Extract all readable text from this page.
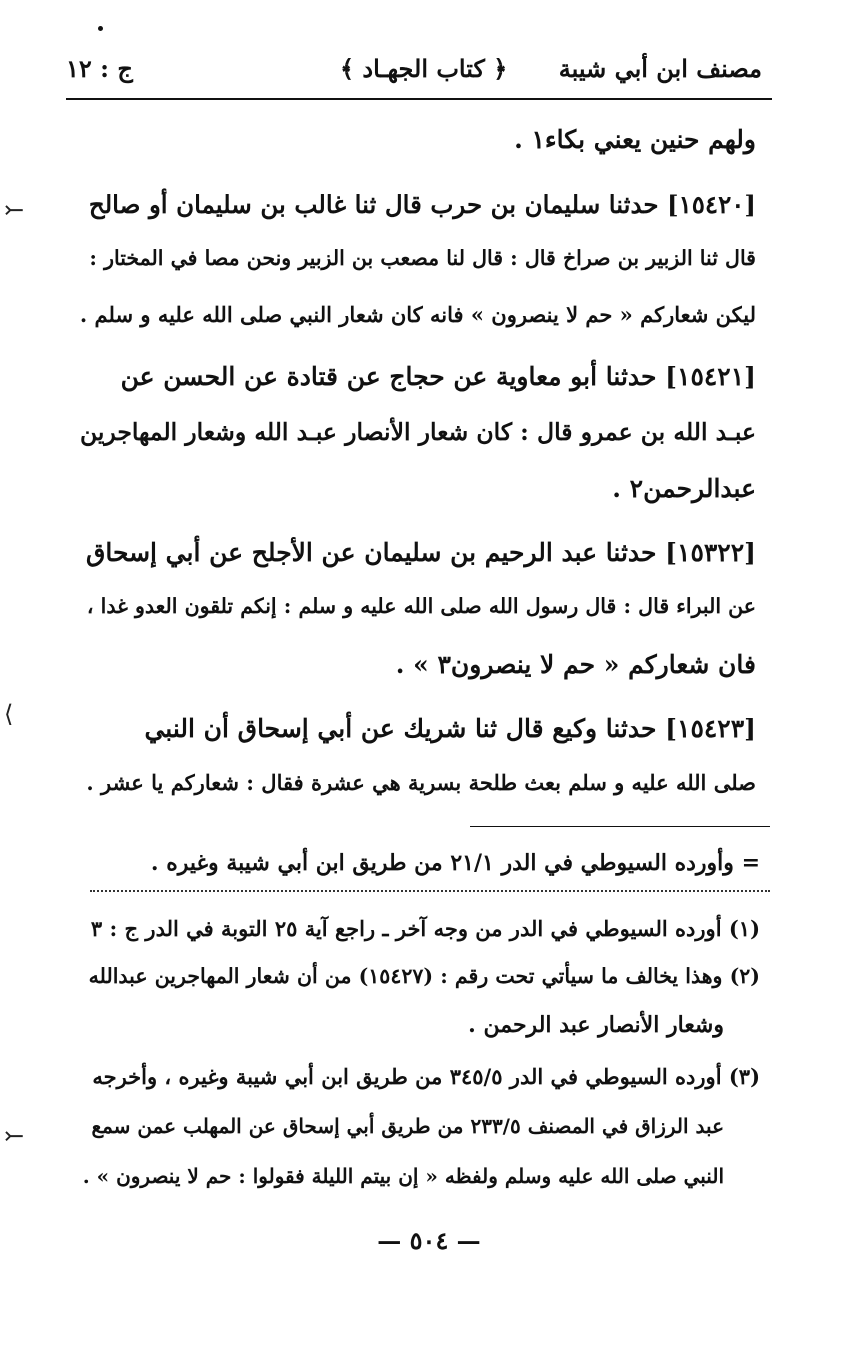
مصنف ابن أبي شيبة
﴿ كتاب الجهـاد ﴾
ج : ١٢
⤚
⟨
⤚
ولهم حنين يعني بكاء١ .
[١٥٤٢٠] حدثنا سليمان بن حرب قال ثنا غالب بن سليمان أو صالح
قال ثنا الزبير بن صراخ قال : قال لنا مصعب بن الزبير ونحن مصا في المختار :
ليكن شعاركم « حم لا ينصرون » فانه كان شعار النبي صلى الله عليه و سلم .
[١٥٤٢١] حدثنا أبو معاوية عن حجاج عن قتادة عن الحسن عن
عبـد الله بن عمرو قال : كان شعار الأنصار عبـد الله وشعار المهاجرين
عبدالرحمن٢ .
[١٥٣٢٢] حدثنا عبد الرحيم بن سليمان عن الأجلح عن أبي إسحاق
عن البراء قال : قال رسول الله صلى الله عليه و سلم : إنكم تلقون العدو غدا ،
فان شعاركم « حم لا ينصرون٣ » .
[١٥٤٢٣] حدثنا وكيع قال ثنا شريك عن أبي إسحاق أن النبي
صلى الله عليه و سلم بعث طلحة بسرية هي عشرة فقال : شعاركم يا عشر .
= وأورده السيوطي في الدر ٢١/١ من طريق ابن أبي شيبة وغيره .
(١) أورده السيوطي في الدر من وجه آخر ـ راجع آية ٢٥ التوبة في الدر ج : ٣
(٢) وهذا يخالف ما سيأتي تحت رقم : (١٥٤٢٧) من أن شعار المهاجرين عبدالله
وشعار الأنصار عبد الرحمن .
(٣) أورده السيوطي في الدر ٣٤٥/٥ من طريق ابن أبي شيبة وغيره ، وأخرجه
عبد الرزاق في المصنف ٢٣٣/٥ من طريق أبي إسحاق عن المهلب عمن سمع
النبي صلى الله عليه وسلم ولفظه « إن بيتم الليلة فقولوا : حم لا ينصرون » .
— ٥٠٤ —
